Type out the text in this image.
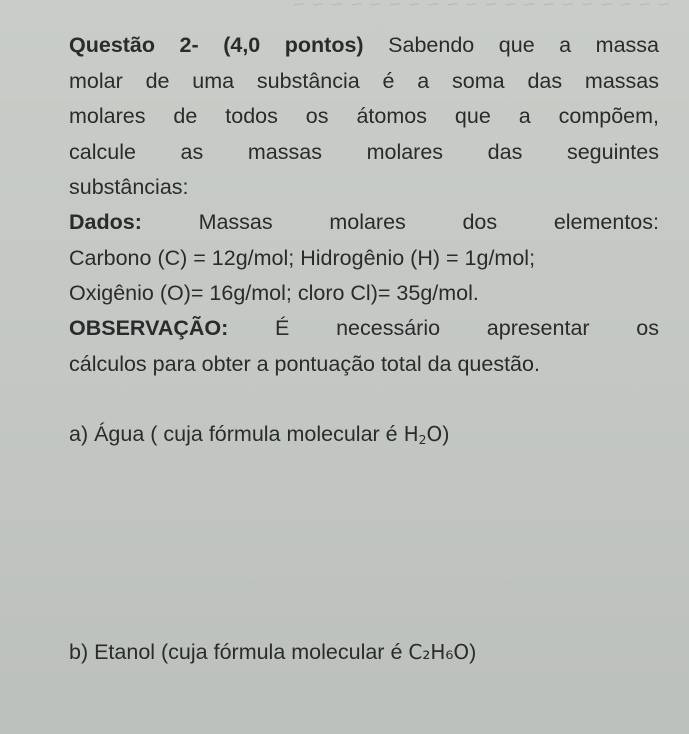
~ ~ ~ ~ ~ ~ ~ ~ ~ ~ ~ ~ ~ ~ ~ ~ ~ ~ ~ ~
Questão 2- (4,0 pontos) Sabendo que a massa
molar de uma substância é a soma das massas
molares de todos os átomos que a compõem,
calcule as massas molares das seguintes
substâncias:
Dados:	Massas molares dos elementos:
Carbono (C) = 12g/mol; Hidrogênio (H) = 1g/mol;
Oxigênio (O)= 16g/mol; cloro Cl)= 35g/mol.
OBSERVAÇÃO: É necessário apresentar os
cálculos para obter a pontuação total da questão.
a) Água ( cuja fórmula molecular é $H_2O$)
b) Etanol (cuja fórmula molecular é C₂H₆O)
